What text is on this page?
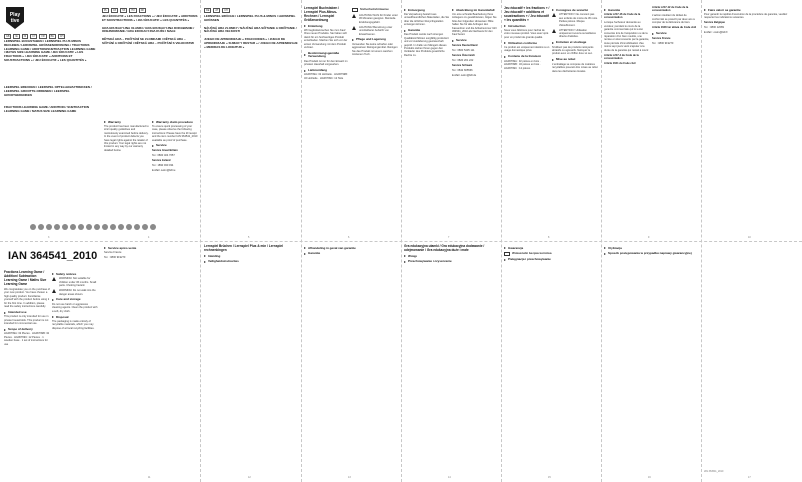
Play
tive
GB	IE	NI	CY	FR	BE	CH
LERNSPIEL BUCHSTABEN / LERNSPIEL PLUS MINUS RECHNEN / LERNSPIEL GRÖSSENORDNUNG / TRACTIONS LEARNING GAME / ADDITION/SUBTRACTION LEARNING GAME / MATHS SIZE LEARNING GAME / JEU ÉDUCATIF « LES FRACTIONS » / JEU ÉDUCATIF « ADDITIONS ET SOUSTRACTIONS » / JEU ÉDUCATIF « LES QUANTITÉS »
LEERSPEL BREUKEN / LEERSPEL OPTELLEN/AFTREKKEN / LEERSPEL GROOTTE-ORDENEN / LEERSPEL GROOTHEDENKEN
FRACTIONS LEARNING GAME / ADDITION / SUBTRACTION LEARNING GAME / MATHS SIZE LEARNING GAME
IAN 364541_2010
PL	CZ	SK	HU	DK
JEU ÉDUCATIF « LES FRACTIONS » / JEU ÉDUCATIF « ADDITIONS ET SOUSTRACTIONS » / JEU ÉDUCATIF « LES QUANTITÉS »
GRA EDUKACYJNA UŁAMKI / GRA EDUKACYJNA DODAWANIE / ODEJMOWANIE / GRA EDUKACYJNA DUŻE I MAŁE
DĚTSKÁ HRA – POČÍTÁNÍ SE ZLOMKAMI / DĚTSKÁ HRA – SČÍTÁNÍ A ODČÍTÁNÍ / DĚTSKÁ HRA – POČÍTÁNÍ S VELIKOSTMI
DE	AT	CH
LERNSPIEL BRÜCHE / LERNSPIEL PLUS & MINUS / LERNSPIEL GRÖSSEN
NÁUČNÁ HRA ZLOMKY / NÁUČNÁ HRA SČÍTANIE A ODČÍTANIE / NÁUČNÁ HRA VEĽKOSTI
JUEGO DE APRENDIZAJE « FRACCIONES » / JUEGO DE APRENDIZAJE « SUMAR Y RESTAR » / JUEGO DE APRENDIZAJE « MEDIDAS DE LONGITUD »
Fractions Learning Game / Addition/ Subtraction Learning Game / Maths Size Learning Game

We congratulate you on the purchase of your new product. You have chosen a high quality product. Familiarise yourself with the product before using it for the first time. In addition, please read the safety instructions carefully.

Intended use

This product is only intended for use in private households. This product is not intended for commercial use.

Scope of delivery

HG06799A: 32 Pieces · HG06799B: 32 Pieces · HG06799C: 12 Pieces · 1 wooden base · 1 set of instructions for use

Safety notices
WARNING! Not suitable for children under 36 months. Small parts. Choking hazard.
WARNING! Do not walk into the danger areas shown.
Care and storage

Do not use harsh or aggressive cleaning agents. Clean the product with a soft, dry cloth.

Disposal

The packaging is made entirely of recyclable materials, which you may dispose of at local recycling facilities.

Warranty

The product has been manufactured to strict quality guidelines and meticulously examined before delivery. In the event of product defects you have legal rights against the retailer of this product. Your legal rights are not limited in any way by our warranty detailed below.

Warranty claim procedure

To ensure quick processing of your case, please observe the following instructions: Please have the till receipt and the item number IAN 364541_2010 available as proof of purchase.

Service

Service Great Britain

Tel.: 0800 404 7657

Service Ireland

Tel.: 1890 930 034

E-Mail: owim@lidl.ie

Lernspiel Buchstaben / Lernspiel Plus-Minus-Rechnen / Lernspiel Größenordnung
Einleitung

Wir beglückwünschen Sie zum Kauf Ihres neuen Produkts. Sie haben sich damit für ein hochwertiges Produkt entschieden. Machen Sie sich vor der ersten Verwendung mit dem Produkt vertraut.

Bestimmungsgemäße Verwendung

Das Produkt ist nur für den Einsatz im privaten Haushalt vorgesehen.

Lieferumfang

HG06799A: 32 Holzteile · HG06799B: 32 Holzteile · HG06799C: 12 Teile

Sicherheitshinweise
ACHTUNG! Nicht für Kinder unter 36 Monaten geeignet. Kleinteile. Erstickungsgefahr.
ACHTUNG! Benutzung unter unmittelbarer Aufsicht von Erwachsenen.
Pflege und Lagerung

Verwenden Sie keine scharfen oder aggressiven Reinigungsmittel. Reinigen Sie das Produkt mit einem weichen trockenen Tuch.

Entsorgung

Die Verpackung besteht aus umweltfreundlichen Materialien, die Sie über die örtlichen Recyclingstellen entsorgen können.

Garantie

Das Produkt wurde nach strengen Qualitätsrichtlinien sorgfältig produziert und vor Auslieferung gewissenhaft geprüft. Im Falle von Mängeln dieses Produkts stehen Ihnen gegen den Verkäufer des Produkts gesetzliche Rechte zu.

Abwicklung im Garantiefall

Um eine schnelle Bearbeitung Ihres Anliegens zu gewährleisten, folgen Sie bitte den folgenden Hinweisen: Bitte halten Sie für alle Anfragen den Kassenbon und die Artikelnummer IAN 364541_2010 als Nachweis für den Kauf bereit.

Service

Service Deutschland

Tel.: 0800 5435 111

Service Österreich

Tel.: 0820 201 222

Service Schweiz

Tel.: 0842 665566

E-Mail: owim@lidl.de

Jeu éducatif « les fractions » / Jeu éducatif « additions et soustractions » / Jeu éducatif « les quantités »
Introduction

Nous vous félicitons pour l'achat de votre nouveau produit. Vous avez opté pour un produit de grande qualité.

Utilisation conforme

Ce produit est uniquement destiné à un usage domestique privé.

Contenu de la livraison

HG06799A : 32 pièces en bois · HG06799B : 32 pièces en bois · HG06799C : 12 pièces

Consignes de sécurité
ATTENTION ! Ne convient pas aux enfants de moins de 36 mois. Petites pièces. Risque d'étouffement.
ATTENTION ! Utilisation uniquement sous la surveillance directe d'adultes.
Entretien et stockage

N'utilisez pas de produits nettoyants abrasifs ou agressifs. Nettoyez le produit avec un chiffon doux et sec.

Mise au rebut

L'emballage se compose de matières recyclables pouvant être mises au rebut dans les déchetteries locales.

Garantie

Article L217-16 du Code de la consommation

Lorsque l'acheteur demande au vendeur, pendant le cours de la garantie commerciale qui lui a été consentie lors de l'acquisition ou de la réparation d'un bien meuble, une remise en état couverte par la garantie, toute période d'immobilisation d'au moins sept jours vient s'ajouter à la durée de la garantie qui restait à courir.

Article L217-4 du Code de la consommation

Article 1641 du Code civil

Article L217-12 du Code de la consommation

L'action résultant du défaut de conformité se prescrit par deux ans à compter de la délivrance du bien.

Article 1648 1er alinéa du Code civil

Service

Service France

Tel. : 0800 919270

Faire valoir sa garantie

Pour garantir la rapidité d'exécution de la procédure de garantie, veuillez respecter les indications suivantes.

Service Belgique

Tel. : 0800 12089

E-Mail : owim@lidl.fr

Service après-vente

Service France

Tel. : 0800 919270

Lernspiel Brüchen / Lernspiel Plus & min / Lernspiel rechnenkingen
Inleiding
Veiligheidsinstructies
Afhandeling in geval van garantie
Garantie
Gra edukacyjna ułamki / Gra edukacyjna dodawanie / odejmowanie / Gra edukacyjna duże i małe
Wstęp
Przechowywanie i czyszczenie
Gwarancja
Wskazówki bezpieczeństwa
Pielęgnacja i przechowywanie
Utylizacja
Sposób postępowania w przypadku naprawy gwarancyjnej
IAN 364541_2010
3	4	5	6	7	8	9	10
11	12	13	14	15	16	17
